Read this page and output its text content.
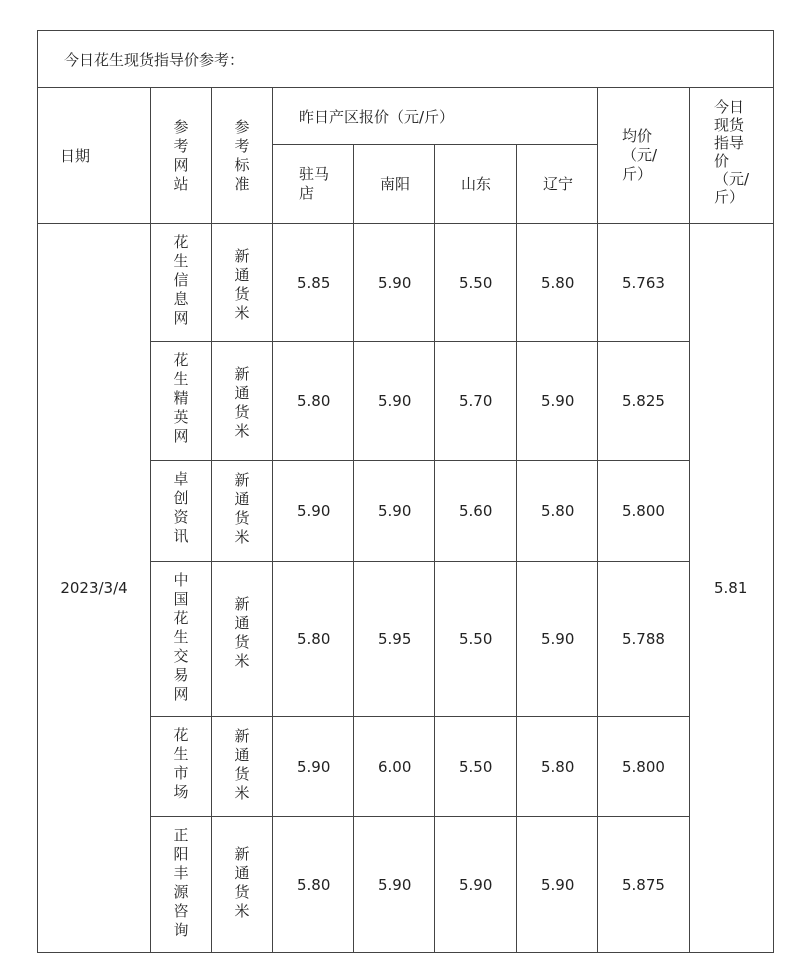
今日花生现货指导价参考：								
日期	参考网站	参考标准	昨日产区报价（元/斤）				均价（元/斤）	今日现货指导价（元/斤）

			驻马店	南阳	山东	辽宁		

2023/3/4	花生信息网	新通货米	5.85	5.90	5.50	5.80	5.763	5.81

	花生精英网	新通货米	5.80	5.90	5.70	5.90	5.825	

	卓创资讯	新通货米	5.90	5.90	5.60	5.80	5.800	

	中国花生交易网	新通货米	5.80	5.95	5.50	5.90	5.788	

	花生市场	新通货米	5.90	6.00	5.50	5.80	5.800	

	正阳丰源咨询	新通货米	5.80	5.90	5.90	5.90	5.875	
